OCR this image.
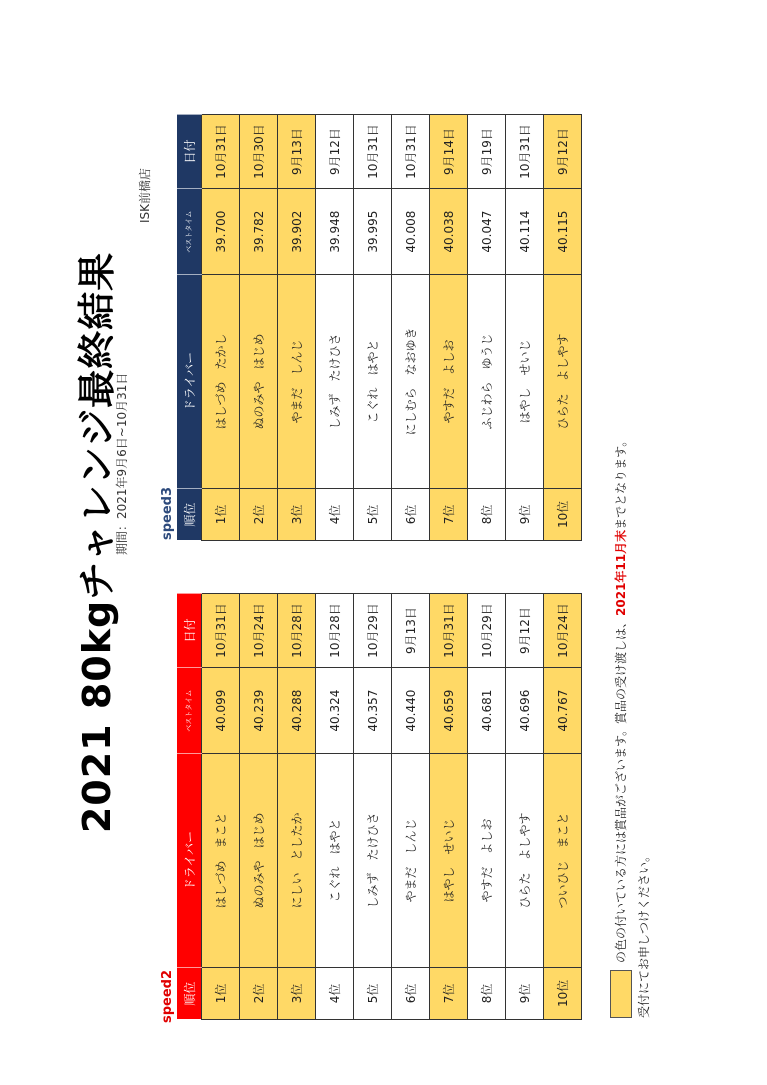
2021 80kgチャレンジ最終結果
期間：2021年9月6日~10月31日
ISK前橋店
speed2 順位	ドライバー	ベストタイム	日付
1位	はしづめ　まこと	40.099	10月31日
2位	ぬのみや　はじめ	40.239	10月24日
3位	にしい　としたか	40.288	10月28日
4位	こぐれ　はやと	40.324	10月28日
5位	しみず　たけひさ	40.357	10月29日
6位	やまだ　しんじ	40.440	9月13日
7位	はやし　せいじ	40.659	10月31日
8位	やすだ　よしお	40.681	10月29日
9位	ひらた　よしやす	40.696	9月12日
10位	ついひじ　まこと	40.767	10月24日
speed3 順位	ドライバー	ベストタイム	日付
1位	はしづめ　たかし	39.700	10月31日
2位	ぬのみや　はじめ	39.782	10月30日
3位	やまだ　しんじ	39.902	9月13日
4位	しみず　たけひさ	39.948	9月12日
5位	こぐれ　はやと	39.995	10月31日
6位	にしむら　なおゆき	40.008	10月31日
7位	やすだ　よしお	40.038	9月14日
8位	ふじわら　ゆうじ	40.047	9月19日
9位	はやし　せいじ	40.114	10月31日
10位	ひらた　よしやす	40.115	9月12日
の色の付いている方には賞品がございます。賞品の受け渡しは、2021年11月末までとなります。
受付にてお申しつけください。
